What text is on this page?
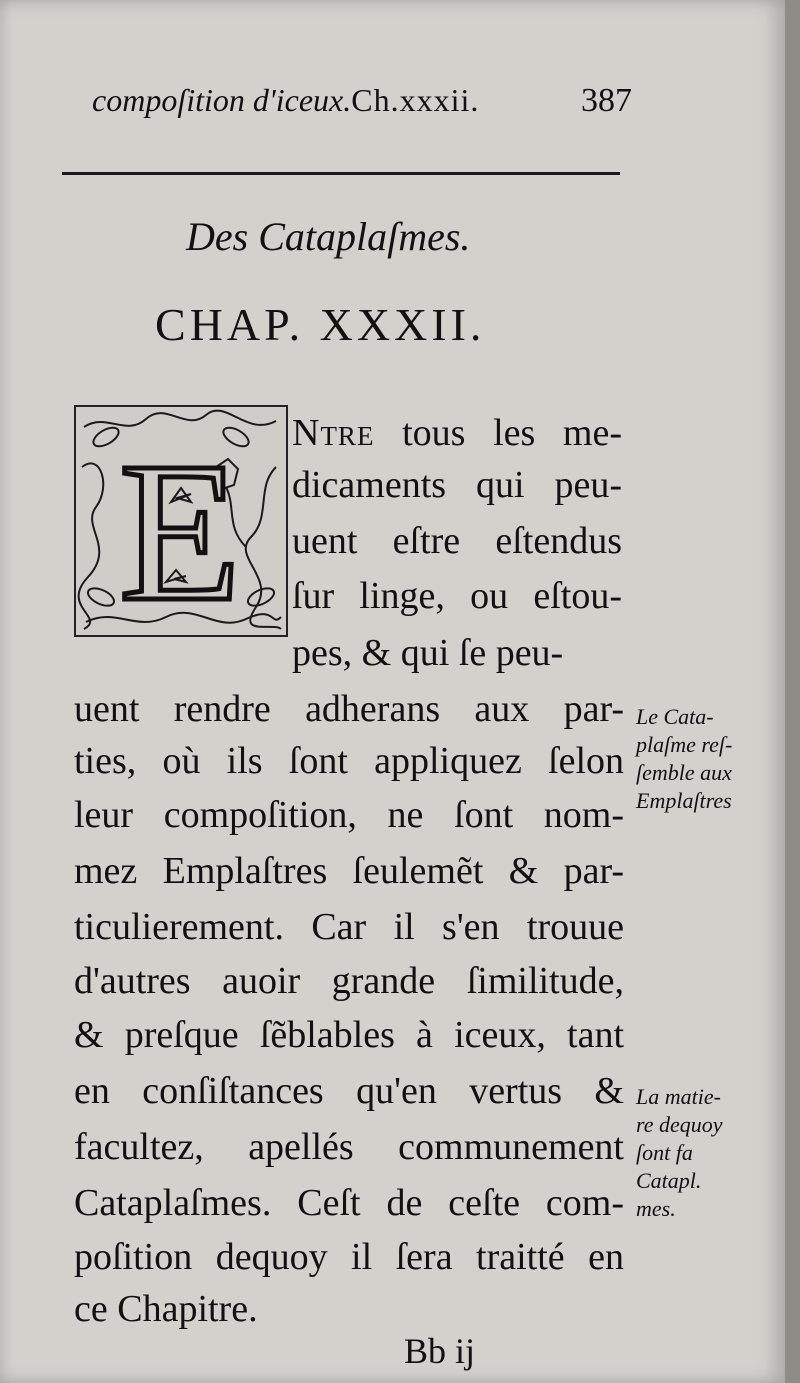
compoſition d'iceux.Ch.xxxii.	387
Des Cataplaſmes.
CHAP. XXXII.
E Ntre tous les me-
dicaments qui peu-
uent eſtre eſtendus
ſur linge, ou eſtou-
pes, & qui ſe peu-
uent rendre adherans aux par-
ties, où ils ſont appliquez ſelon
leur compoſition, ne ſont nom-
mez Emplaſtres ſeulemẽt & par-
ticulierement. Car il s'en trouue
d'autres auoir grande ſimilitude,
& preſque ſẽblables à iceux, tant
en conſiſtances qu'en vertus &
facultez, apellés communement
Cataplaſmes. Ceſt de ceſte com-
poſition dequoy il ſera traitté en
ce Chapitre.
Le Cata-
plaſme reſ-
ſemble aux
Emplaſtres
La matie-
re dequoy
ſont fa
Catapl.
mes.
Bb ij
